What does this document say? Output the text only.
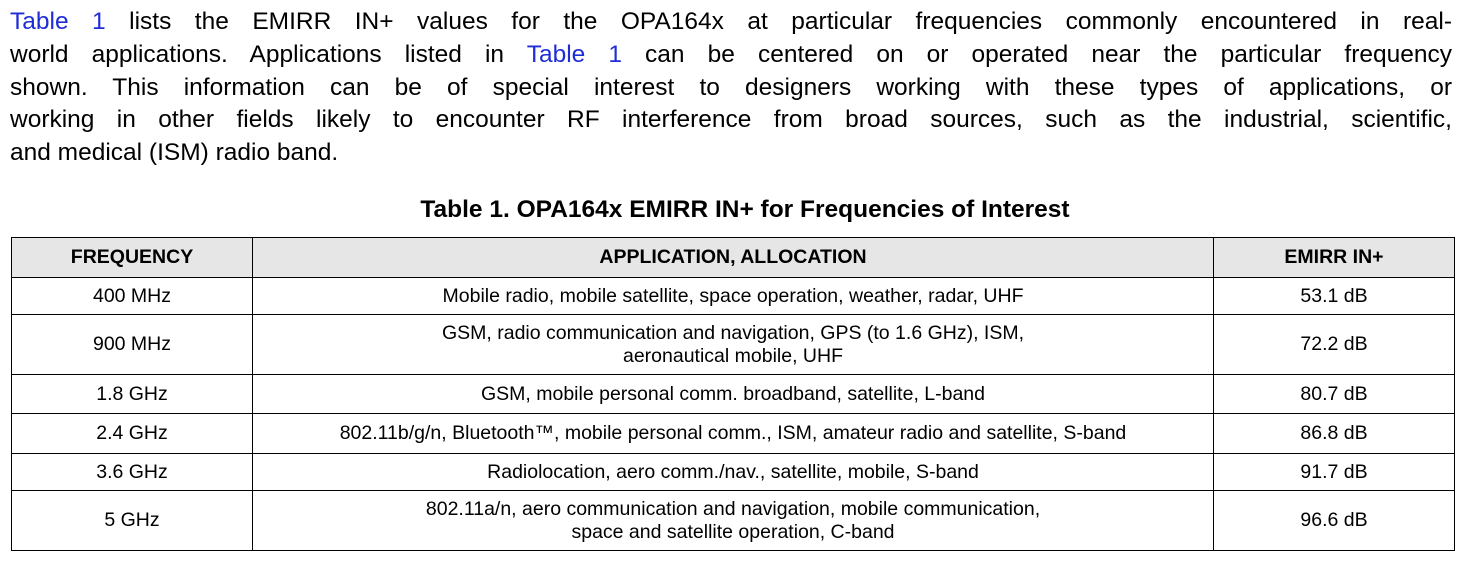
Table 1 lists the EMIRR IN+ values for the OPA164x at particular frequencies commonly encountered in real-
world applications. Applications listed in Table 1 can be centered on or operated near the particular frequency
shown. This information can be of special interest to designers working with these types of applications, or
working in other fields likely to encounter RF interference from broad sources, such as the industrial, scientific,
and medical (ISM) radio band.

Table 1. OPA164x EMIRR IN+ for Frequencies of Interest
FREQUENCY	APPLICATION, ALLOCATION	EMIRR IN+
400 MHz	Mobile radio, mobile satellite, space operation, weather, radar, UHF	53.1 dB
900 MHz	GSM, radio communication and navigation, GPS (to 1.6 GHz), ISM,
aeronautical mobile, UHF	72.2 dB
1.8 GHz	GSM, mobile personal comm. broadband, satellite, L-band	80.7 dB
2.4 GHz	802.11b/g/n, Bluetooth™, mobile personal comm., ISM, amateur radio and satellite, S-band	86.8 dB
3.6 GHz	Radiolocation, aero comm./nav., satellite, mobile, S-band	91.7 dB
5 GHz	802.11a/n, aero communication and navigation, mobile communication,
space and satellite operation, C-band	96.6 dB
